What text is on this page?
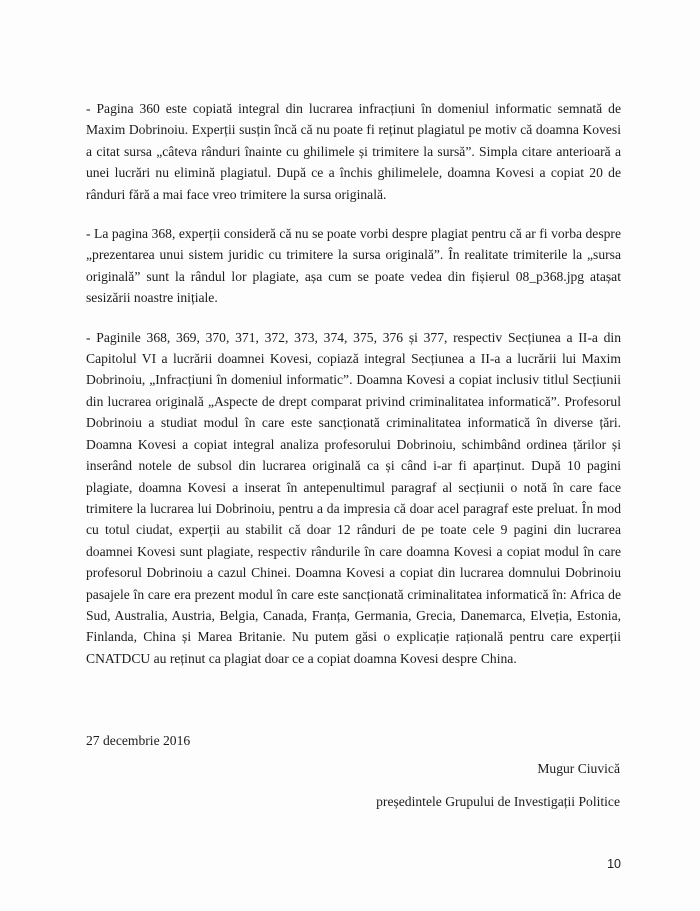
- Pagina 360 este copiată integral din lucrarea infracțiuni în domeniul informatic semnată de Maxim Dobrinoiu. Experții susțin încă că nu poate fi reținut plagiatul pe motiv că doamna Kovesi a citat sursa „câteva rânduri înainte cu ghilimele și trimitere la sursă”. Simpla citare anterioară a unei lucrări nu elimină plagiatul. După ce a închis ghilimelele, doamna Kovesi a copiat 20 de rânduri fără a mai face vreo trimitere la sursa originală.

- La pagina 368, experții consideră că nu se poate vorbi despre plagiat pentru că ar fi vorba despre „prezentarea unui sistem juridic cu trimitere la sursa originală”. În realitate trimiterile la „sursa originală” sunt la rândul lor plagiate, așa cum se poate vedea din fișierul 08_p368.jpg atașat sesizării noastre inițiale.

- Paginile 368, 369, 370, 371, 372, 373, 374, 375, 376 și 377, respectiv Secțiunea a II-a din Capitolul VI a lucrării doamnei Kovesi, copiază integral Secțiunea a II-a a lucrării lui Maxim Dobrinoiu, „Infracțiuni în domeniul informatic”. Doamna Kovesi a copiat inclusiv titlul Secțiunii din lucrarea originală „Aspecte de drept comparat privind criminalitatea informatică”. Profesorul Dobrinoiu a studiat modul în care este sancționată criminalitatea informatică în diverse țări. Doamna Kovesi a copiat integral analiza profesorului Dobrinoiu, schimbând ordinea țărilor și inserând notele de subsol din lucrarea originală ca și când i-ar fi aparținut. După 10 pagini plagiate, doamna Kovesi a inserat în antepenultimul paragraf al secțiunii o notă în care face trimitere la lucrarea lui Dobrinoiu, pentru a da impresia că doar acel paragraf este preluat. În mod cu totul ciudat, experții au stabilit că doar 12 rânduri de pe toate cele 9 pagini din lucrarea doamnei Kovesi sunt plagiate, respectiv rândurile în care doamna Kovesi a copiat modul în care profesorul Dobrinoiu a cazul Chinei. Doamna Kovesi a copiat din lucrarea domnului Dobrinoiu pasajele în care era prezent modul în care este sancționată criminalitatea informatică în: Africa de Sud, Australia, Austria, Belgia, Canada, Franța, Germania, Grecia, Danemarca, Elveția, Estonia, Finlanda, China și Marea Britanie. Nu putem găsi o explicație rațională pentru care experții CNATDCU au reținut ca plagiat doar ce a copiat doamna Kovesi despre China.

27 decembrie 2016
Mugur Ciuvică
președintele Grupului de Investigații Politice
10
